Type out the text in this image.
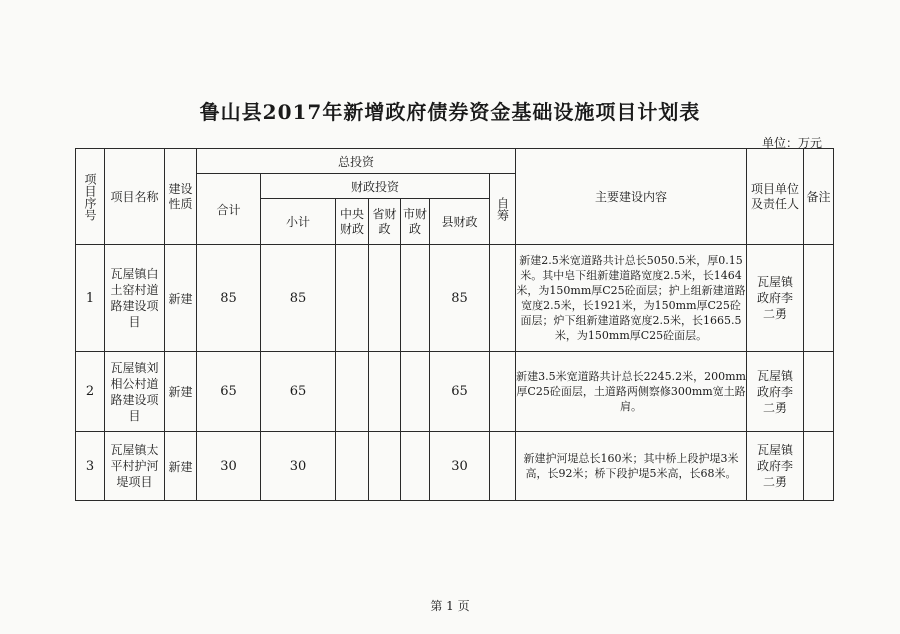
鲁山县2017年新增政府债券资金基础设施项目计划表
单位：万元
项目序号	项目名称	建设性质	总投资							主要建设内容	项目单位及责任人	备注
			合计	财政投资					自筹			

				小计	中央财政	省财政	市财政	县财政				
1	瓦屋镇白土窑村道路建设项目	新建	85	85				85		新建2.5米宽道路共计总长5050.5米，厚0.15米。其中皂下组新建道路宽度2.5米，长1464米，为150mm厚C25砼面层；护上组新建道路宽度2.5米，长1921米，为150mm厚C25砼面层；炉下组新建道路宽度2.5米，长1665.5米，为150mm厚C25砼面层。	瓦屋镇政府李二勇	

2	瓦屋镇刘相公村道路建设项目	新建	65	65				65		新建3.5米宽道路共计总长2245.2米，200mm厚C25砼面层，土道路两侧察修300mm宽土路肩。	瓦屋镇政府李二勇	

3	瓦屋镇太平村护河堤项目	新建	30	30				30		新建护河堤总长160米；其中桥上段护堤3米高，长92米；桥下段护堤5米高，长68米。	瓦屋镇政府李二勇	

第 1 页
